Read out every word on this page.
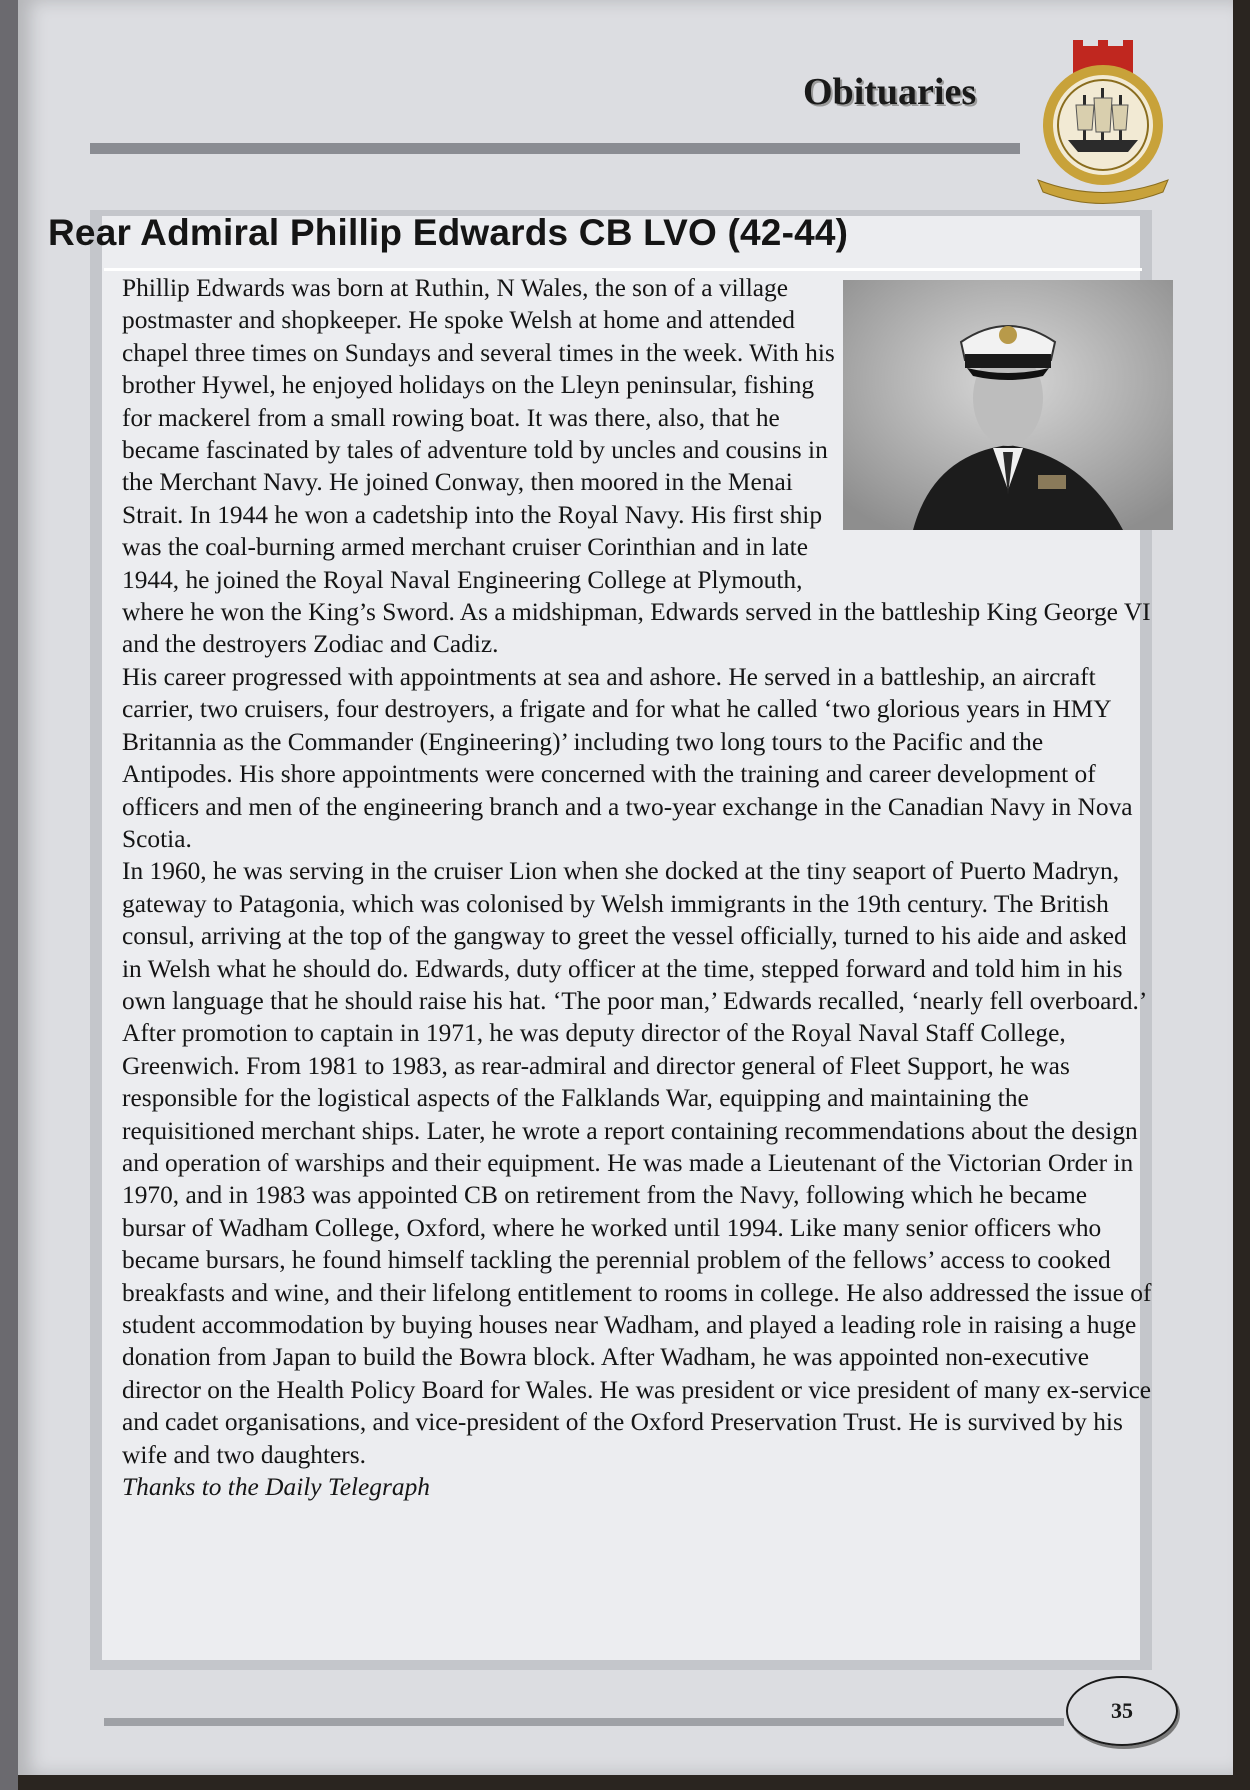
Obituaries
Rear Admiral Phillip Edwards CB LVO (42-44)

Phillip Edwards was born at Ruthin, N Wales, the son of a village postmaster and shopkeeper. He spoke Welsh at home and attended chapel three times on Sundays and several times in the week. With his brother Hywel, he enjoyed holidays on the Lleyn peninsular, fishing for mackerel from a small rowing boat. It was there, also, that he became fascinated by tales of adventure told by uncles and cousins in the Merchant Navy. He joined Conway, then moored in the Menai Strait. In 1944 he won a cadetship into the Royal Navy. His first ship was the coal-burning armed merchant cruiser Corinthian and in late 1944, he joined the Royal Naval Engineering College at Plymouth, where he won the King’s Sword. As a midshipman, Edwards served in the battleship King George VI and the destroyers Zodiac and Cadiz.

His career progressed with appointments at sea and ashore. He served in a battleship, an aircraft carrier, two cruisers, four destroyers, a frigate and for what he called ‘two glorious years in HMY Britannia as the Commander (Engineering)’ including two long tours to the Pacific and the Antipodes. His shore appointments were concerned with the training and career development of officers and men of the engineering branch and a two-year exchange in the Canadian Navy in Nova Scotia.

In 1960, he was serving in the cruiser Lion when she docked at the tiny seaport of Puerto Madryn, gateway to Patagonia, which was colonised by Welsh immigrants in the 19th century. The British consul, arriving at the top of the gangway to greet the vessel officially, turned to his aide and asked in Welsh what he should do. Edwards, duty officer at the time, stepped forward and told him in his own language that he should raise his hat. ‘The poor man,’ Edwards recalled, ‘nearly fell overboard.’

After promotion to captain in 1971, he was deputy director of the Royal Naval Staff College, Greenwich. From 1981 to 1983, as rear-admiral and director general of Fleet Support, he was responsible for the logistical aspects of the Falklands War, equipping and maintaining the requisitioned merchant ships. Later, he wrote a report containing recommendations about the design and operation of warships and their equipment. He was made a Lieutenant of the Victorian Order in 1970, and in 1983 was appointed CB on retirement from the Navy, following which he became bursar of Wadham College, Oxford, where he worked until 1994. Like many senior officers who became bursars, he found himself tackling the perennial problem of the fellows’ access to cooked breakfasts and wine, and their lifelong entitlement to rooms in college. He also addressed the issue of student accommodation by buying houses near Wadham, and played a leading role in raising a huge donation from Japan to build the Bowra block. After Wadham, he was appointed non-executive director on the Health Policy Board for Wales. He was president or vice president of many ex-service and cadet organisations, and vice-president of the Oxford Preservation Trust. He is survived by his wife and two daughters.

Thanks to the Daily Telegraph

35
